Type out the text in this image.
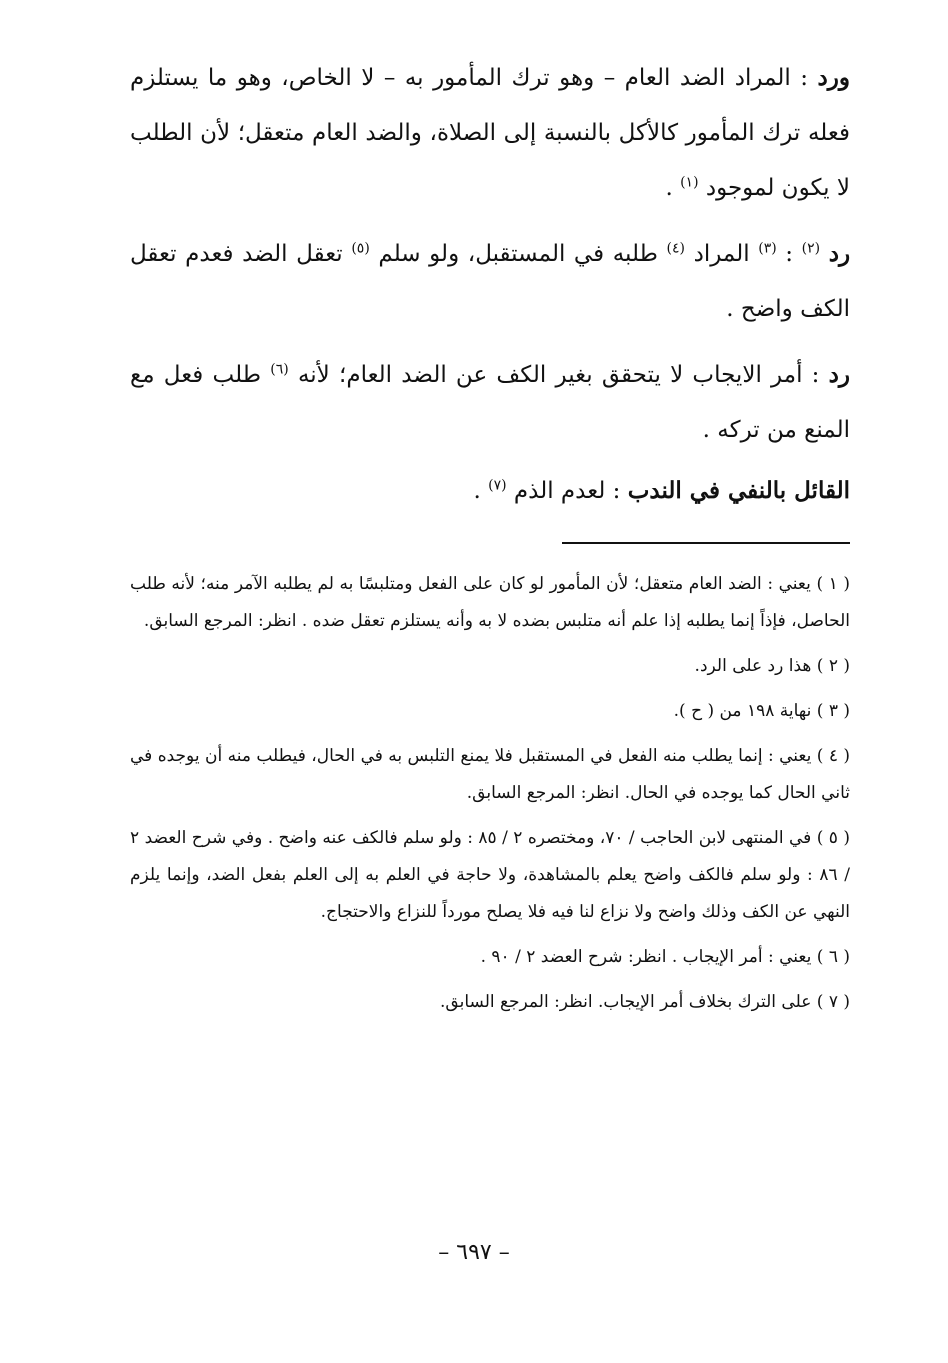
ورد : المراد الضد العام – وهو ترك المأمور به – لا الخاص، وهو ما يستلزم فعله ترك المأمور كالأكل بالنسبة إلى الصلاة، والضد العام متعقل؛ لأن الطلب لا يكون لموجود $^{(١)}$ .

رد $^{(٢)}$ : $^{(٣)}$ المراد $^{(٤)}$ طلبه في المستقبل، ولو سلم $^{(٥)}$ تعقل الضد فعدم تعقل الكف واضح .

رد : أمر الايجاب لا يتحقق بغير الكف عن الضد العام؛ لأنه $^{(٦)}$ طلب فعل مع المنع من تركه .

القائل بالنفي في الندب : لعدم الذم $^{(٧)}$ .

( ١ ) يعني : الضد العام متعقل؛ لأن المأمور لو كان على الفعل ومتلبسًا به لم يطلبه الآمر منه؛ لأنه طلب الحاصل، فإذاً إنما يطلبه إذا علم أنه متلبس بضده لا به وأنه يستلزم تعقل ضده . انظر: المرجع السابق.

( ٢ ) هذا رد على الرد.

( ٣ ) نهاية ١٩٨ من ( ح ).

( ٤ ) يعني : إنما يطلب منه الفعل في المستقبل فلا يمنع التلبس به في الحال، فيطلب منه أن يوجده في ثاني الحال كما يوجده في الحال. انظر: المرجع السابق.

( ٥ ) في المنتهى لابن الحاجب / ٧٠، ومختصره ٢ / ٨٥ : ولو سلم فالكف عنه واضح . وفي شرح العضد ٢ / ٨٦ : ولو سلم فالكف واضح يعلم بالمشاهدة، ولا حاجة في العلم به إلى العلم بفعل الضد، وإنما يلزم النهي عن الكف وذلك واضح ولا نزاع لنا فيه فلا يصلح مورداً للنزاع والاحتجاج.

( ٦ ) يعني : أمر الإيجاب . انظر: شرح العضد ٢ / ٩٠ .

( ٧ ) على الترك بخلاف أمر الإيجاب. انظر: المرجع السابق.

– ٦٩٧ –
